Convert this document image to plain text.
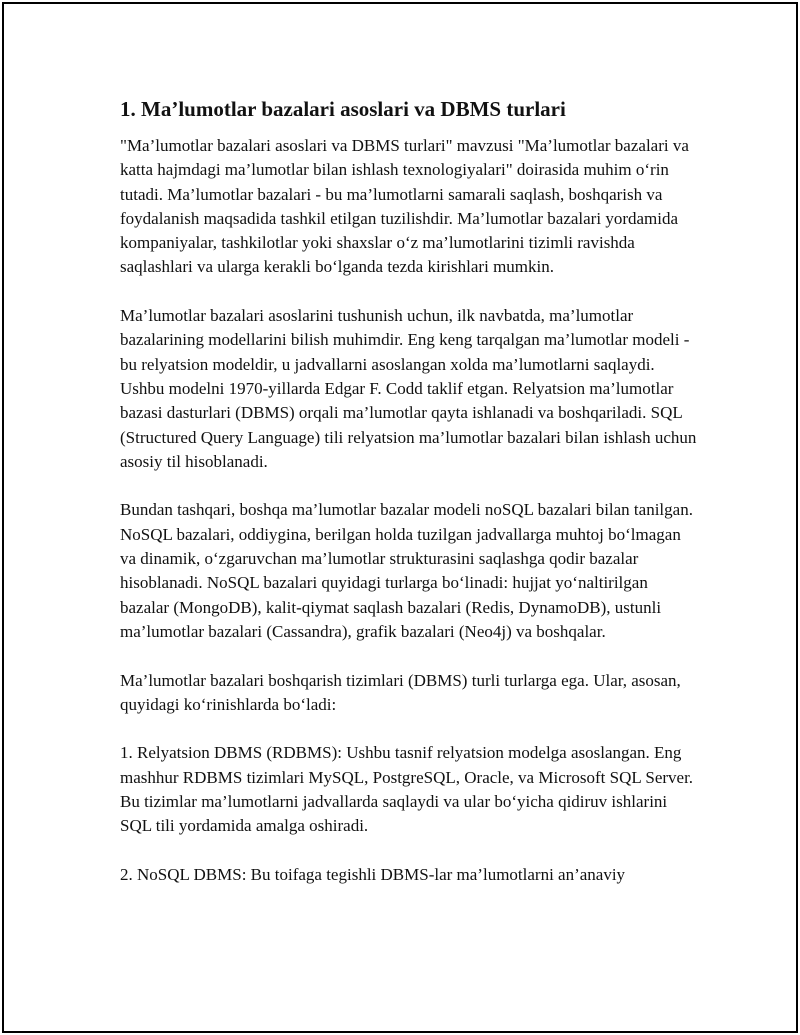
1. Ma’lumotlar bazalari asoslari va DBMS turlari

"Ma’lumotlar bazalari asoslari va DBMS turlari" mavzusi "Ma’lumotlar bazalari va katta hajmdagi ma’lumotlar bilan ishlash texnologiyalari" doirasida muhim o‘rin tutadi. Ma’lumotlar bazalari - bu ma’lumotlarni samarali saqlash, boshqarish va foydalanish maqsadida tashkil etilgan tuzilishdir. Ma’lumotlar bazalari yordamida kompaniyalar, tashkilotlar yoki shaxslar o‘z ma’lumotlarini tizimli ravishda saqlashlari va ularga kerakli bo‘lganda tezda kirishlari mumkin.

Ma’lumotlar bazalari asoslarini tushunish uchun, ilk navbatda, ma’lumotlar bazalarining modellarini bilish muhimdir. Eng keng tarqalgan ma’lumotlar modeli - bu relyatsion modeldir, u jadvallarni asoslangan xolda ma’lumotlarni saqlaydi. Ushbu modelni 1970-yillarda Edgar F. Codd taklif etgan. Relyatsion ma’lumotlar bazasi dasturlari (DBMS) orqali ma’lumotlar qayta ishlanadi va boshqariladi. SQL (Structured Query Language) tili relyatsion ma’lumotlar bazalari bilan ishlash uchun asosiy til hisoblanadi.

Bundan tashqari, boshqa ma’lumotlar bazalar modeli noSQL bazalari bilan tanilgan. NoSQL bazalari, oddiygina, berilgan holda tuzilgan jadvallarga muhtoj bo‘lmagan va dinamik, o‘zgaruvchan ma’lumotlar strukturasini saqlashga qodir bazalar hisoblanadi. NoSQL bazalari quyidagi turlarga bo‘linadi: hujjat yo‘naltirilgan bazalar (MongoDB), kalit-qiymat saqlash bazalari (Redis, DynamoDB), ustunli ma’lumotlar bazalari (Cassandra), grafik bazalari (Neo4j) va boshqalar.

Ma’lumotlar bazalari boshqarish tizimlari (DBMS) turli turlarga ega. Ular, asosan, quyidagi ko‘rinishlarda bo‘ladi:

1. Relyatsion DBMS (RDBMS): Ushbu tasnif relyatsion modelga asoslangan. Eng mashhur RDBMS tizimlari MySQL, PostgreSQL, Oracle, va Microsoft SQL Server. Bu tizimlar ma’lumotlarni jadvallarda saqlaydi va ular bo‘yicha qidiruv ishlarini SQL tili yordamida amalga oshiradi.

2. NoSQL DBMS: Bu toifaga tegishli DBMS-lar ma’lumotlarni an’anaviy
